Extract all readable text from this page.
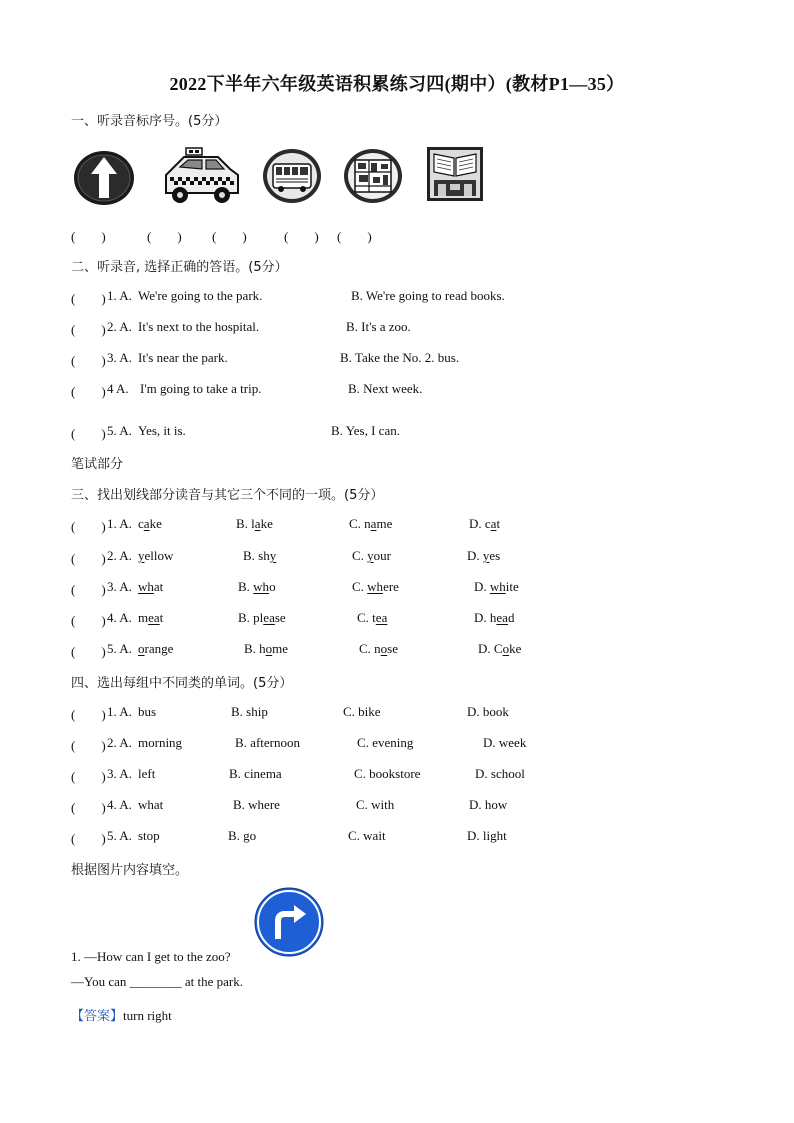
2022下半年六年级英语积累练习四(期中）(教材P1—35）
一、听录音标序号。(5分）
(　　)	(　　) (　　)	(　　) (　　)
二、听录音, 选择正确的答语。(5分）
(　　) 1. A. We're going to the park.	B. We're going to read books.
(　　) 2. A. It's next to the hospital.	B. It's a zoo.
(　　) 3. A. It's near the park.	B. Take the No. 2. bus.
(　　) 4 A. I'm going to take a trip.	B. Next week.
(　　) 5. A. Yes, it is.	B. Yes, I can.
笔试部分
三、找出划线部分读音与其它三个不同的一项。(5分）
(　　) 1. A. cake	B. lake	C. name	D. cat
(　　) 2. A. yellow	B. shy	C. your	D. yes
(　　) 3. A. what	B. who	C. where	D. white
(　　) 4. A. meat	B. please	C. tea	D. head
(　　) 5. A. orange	B. home	C. nose	D. Coke
四、选出每组中不同类的单词。(5分）
(　　) 1. A. bus	B. ship	C. bike	D. book
(　　) 2. A. morning	B. afternoon	C. evening	D. week
(　　) 3. A. left	B. cinema	C. bookstore	D. school
(　　) 4. A. what	B. where	C. with	D. how
(　　) 5. A. stop	B. go	C. wait	D. light
根据图片内容填空。
1. —How can I get to the zoo?
—You can ________ at the park.
【答案】turn right
